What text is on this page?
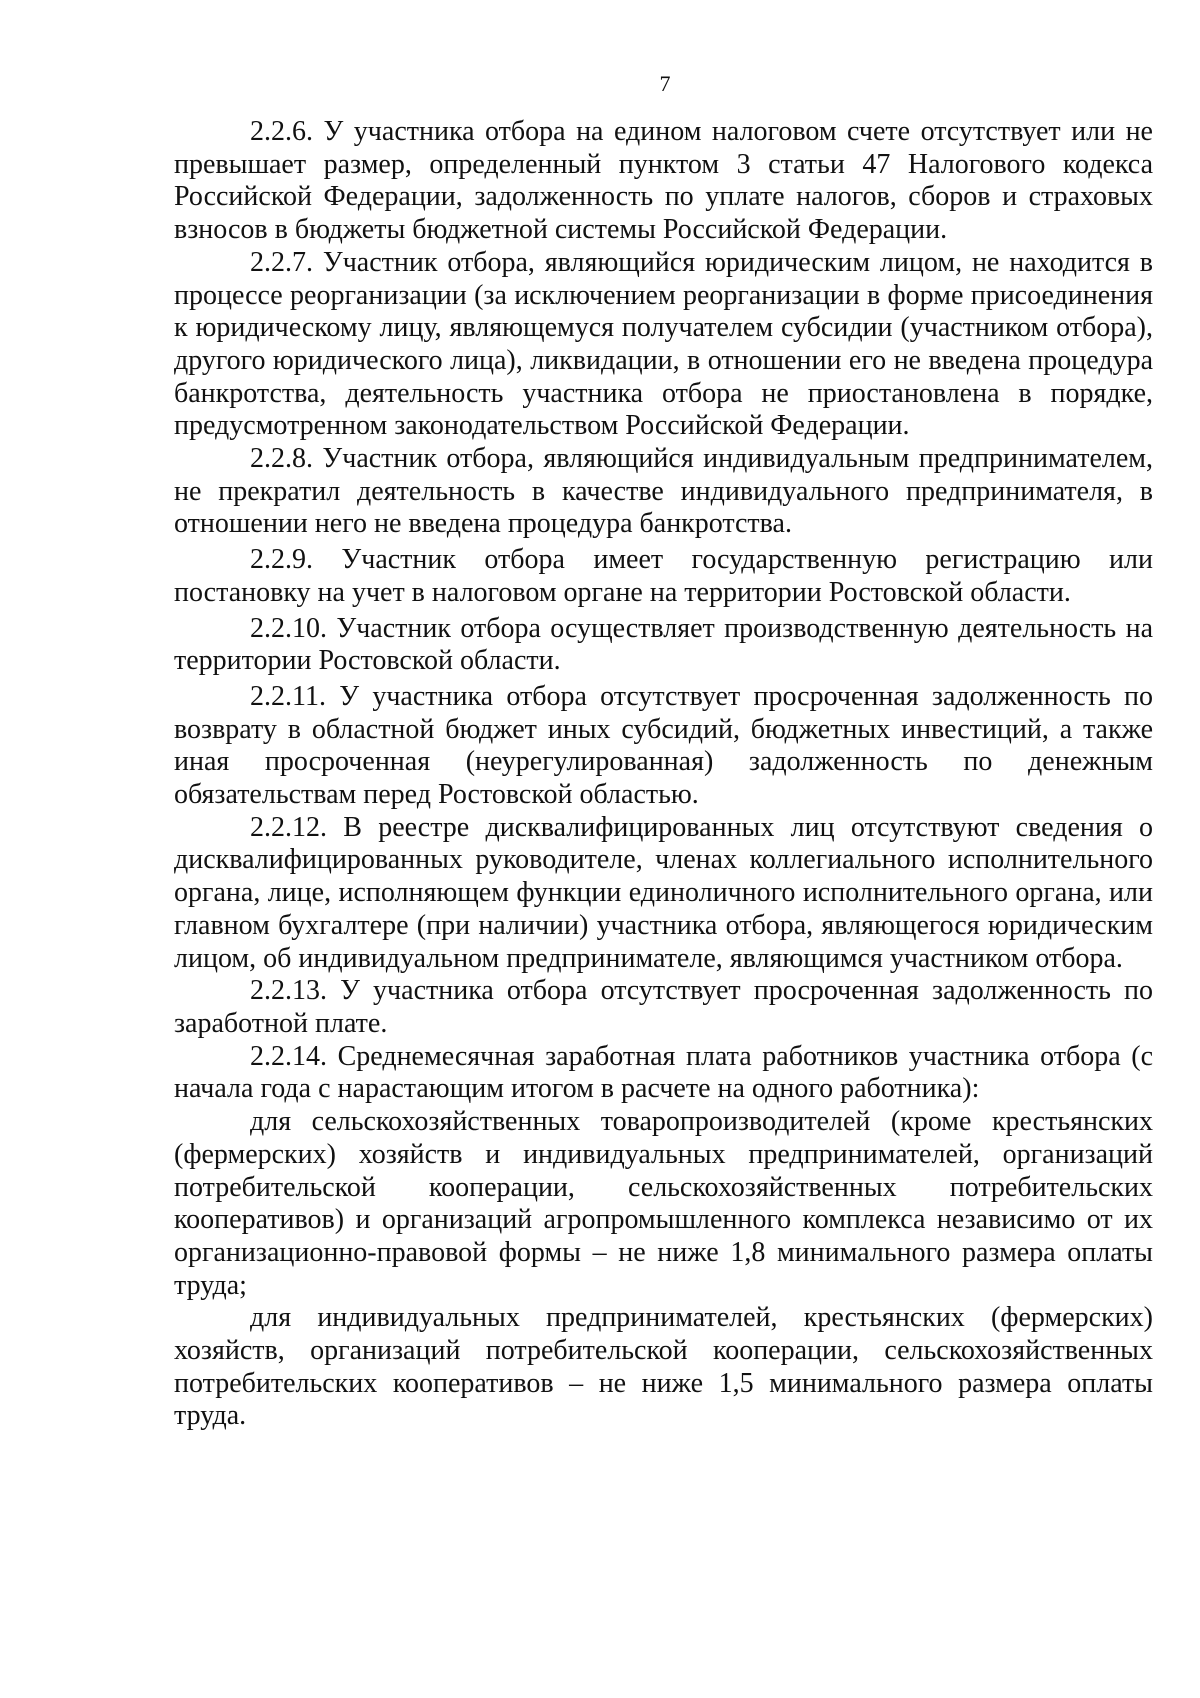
7

2.2.6. У участника отбора на едином налоговом счете отсутствует или не превышает размер, определенный пунктом 3 статьи 47 Налогового кодекса Российской Федерации, задолженность по уплате налогов, сборов и страховых взносов в бюджеты бюджетной системы Российской Федерации.

2.2.7. Участник отбора, являющийся юридическим лицом, не находится в процессе реорганизации (за исключением реорганизации в форме присоединения к юридическому лицу, являющемуся получателем субсидии (участником отбора), другого юридического лица), ликвидации, в отношении его не введена процедура банкротства, деятельность участника отбора не приостановлена в порядке, предусмотренном законодательством Российской Федерации.

2.2.8. Участник отбора, являющийся индивидуальным предпринимателем, не прекратил деятельность в качестве индивидуального предпринимателя, в отношении него не введена процедура банкротства.

2.2.9. Участник отбора имеет государственную регистрацию или постановку на учет в налоговом органе на территории Ростовской области.

2.2.10. Участник отбора осуществляет производственную деятельность на территории Ростовской области.

2.2.11. У участника отбора отсутствует просроченная задолженность по возврату в областной бюджет иных субсидий, бюджетных инвестиций, а также иная просроченная (неурегулированная) задолженность по денежным обязательствам перед Ростовской областью.

2.2.12. В реестре дисквалифицированных лиц отсутствуют сведения о дисквалифицированных руководителе, членах коллегиального исполнительного органа, лице, исполняющем функции единоличного исполнительного органа, или главном бухгалтере (при наличии) участника отбора, являющегося юридическим лицом, об индивидуальном предпринимателе, являющимся участником отбора.

2.2.13. У участника отбора отсутствует просроченная задолженность по заработной плате.

2.2.14. Среднемесячная заработная плата работников участника отбора (с начала года с нарастающим итогом в расчете на одного работника):

для сельскохозяйственных товаропроизводителей (кроме крестьянских (фермерских) хозяйств и индивидуальных предпринимателей, организаций потребительской кооперации, сельскохозяйственных потребительских кооперативов) и организаций агропромышленного комплекса независимо от их организационно-правовой формы – не ниже 1,8 минимального размера оплаты труда;

для индивидуальных предпринимателей, крестьянских (фермерских) хозяйств, организаций потребительской кооперации, сельскохозяйственных потребительских кооперативов – не ниже 1,5 минимального размера оплаты труда.
